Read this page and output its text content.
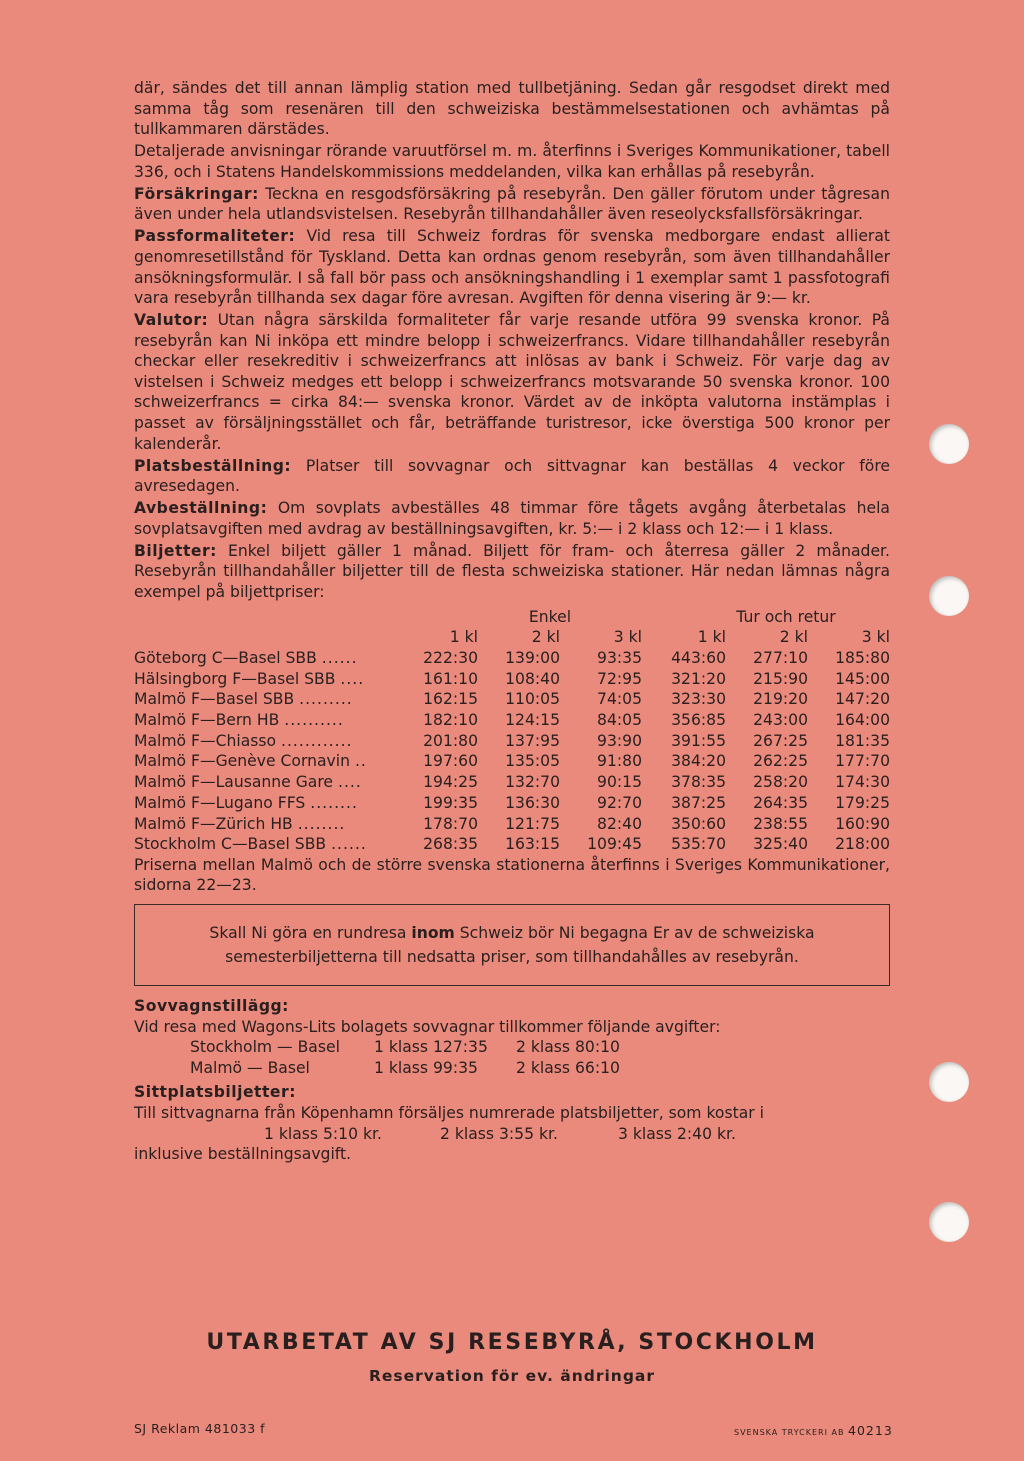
där, sändes det till annan lämplig station med tullbetjäning. Sedan går resgodset direkt med samma tåg som resenären till den schweiziska bestämmelsestationen och avhämtas på tullkammaren därstädes.

Detaljerade anvisningar rörande varuutförsel m. m. återfinns i Sveriges Kommunikationer, tabell 336, och i Statens Handelskommissions meddelanden, vilka kan erhållas på resebyrån.

Försäkringar: Teckna en resgodsförsäkring på resebyrån. Den gäller förutom under tågresan även under hela utlandsvistelsen. Resebyrån tillhandahåller även reseolycksfallsförsäkringar.

Passformaliteter: Vid resa till Schweiz fordras för svenska medborgare endast allierat genomresetillstånd för Tyskland. Detta kan ordnas genom resebyrån, som även tillhandahåller ansökningsformulär. I så fall bör pass och ansökningshandling i 1 exemplar samt 1 passfotografi vara resebyrån tillhanda sex dagar före avresan. Avgiften för denna visering är 9:— kr.

Valutor: Utan några särskilda formaliteter får varje resande utföra 99 svenska kronor. På resebyrån kan Ni inköpa ett mindre belopp i schweizerfrancs. Vidare tillhandahåller resebyrån checkar eller resekreditiv i schweizerfrancs att inlösas av bank i Schweiz. För varje dag av vistelsen i Schweiz medges ett belopp i schweizerfrancs motsvarande 50 svenska kronor. 100 schweizerfrancs = cirka 84:— svenska kronor. Värdet av de inköpta valutorna instämplas i passet av försäljningsstället och får, beträffande turistresor, icke överstiga 500 kronor per kalenderår.

Platsbeställning: Platser till sovvagnar och sittvagnar kan beställas 4 veckor före avresedagen.

Avbeställning: Om sovplats avbeställes 48 timmar före tågets avgång återbetalas hela sovplatsavgiften med avdrag av beställningsavgiften, kr. 5:— i 2 klass och 12:— i 1 klass.

Biljetter: Enkel biljett gäller 1 månad. Biljett för fram- och återresa gäller 2 månader. Resebyrån tillhandahåller biljetter till de flesta schweiziska stationer. Här nedan lämnas några exempel på biljettpriser:

	Enkel			Tur och retur		
	1 kl	2 kl	3 kl	1 kl	2 kl	3 kl
Göteborg C—Basel SBB ......	222:30	139:00	93:35	443:60	277:10	185:80
Hälsingborg F—Basel SBB ....	161:10	108:40	72:95	321:20	215:90	145:00
Malmö F—Basel SBB .........	162:15	110:05	74:05	323:30	219:20	147:20
Malmö F—Bern HB ..........	182:10	124:15	84:05	356:85	243:00	164:00
Malmö F—Chiasso ............	201:80	137:95	93:90	391:55	267:25	181:35
Malmö F—Genève Cornavin ..	197:60	135:05	91:80	384:20	262:25	177:70
Malmö F—Lausanne Gare ....	194:25	132:70	90:15	378:35	258:20	174:30
Malmö F—Lugano FFS ........	199:35	136:30	92:70	387:25	264:35	179:25
Malmö F—Zürich HB ........	178:70	121:75	82:40	350:60	238:55	160:90
Stockholm C—Basel SBB ......	268:35	163:15	109:45	535:70	325:40	218:00

Priserna mellan Malmö och de större svenska stationerna återfinns i Sveriges Kommunikationer, sidorna 22—23.

Skall Ni göra en rundresa inom Schweiz bör Ni begagna Er av de schweiziska semesterbiljetterna till nedsatta priser, som tillhandahålles av resebyrån.
Sovvagnstillägg:
Vid resa med Wagons-Lits bolagets sovvagnar tillkommer följande avgifter:
Stockholm — Basel	1 klass 127:35	2 klass 80:10
Malmö — Basel	1 klass 99:35	2 klass 66:10
Sittplatsbiljetter:
Till sittvagnarna från Köpenhamn försäljes numrerade platsbiljetter, som kostar i
1 klass 5:10 kr.	2 klass 3:55 kr.	3 klass 2:40 kr.
inklusive beställningsavgift.
UTARBETAT AV SJ RESEBYRÅ, STOCKHOLM
Reservation för ev. ändringar
SJ Reklam 481033 f	SVENSKA TRYCKERI AB 40213
